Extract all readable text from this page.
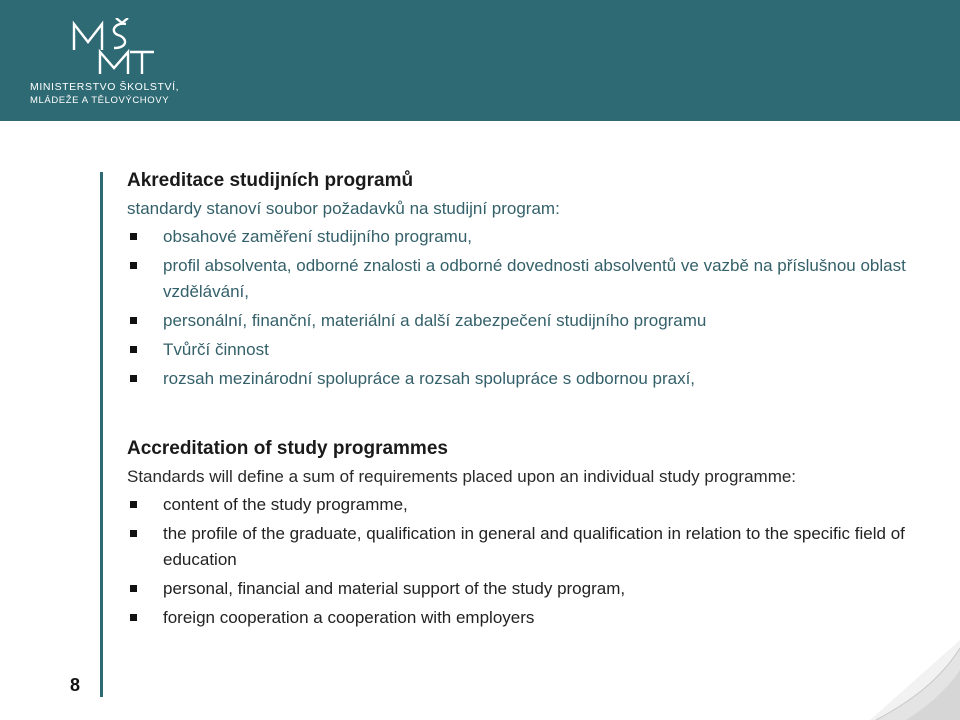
MINISTERSTVO ŠKOLSTVÍ,
MLÁDEŽE A TĚLOVÝCHOVY
Akreditace studijních programů
standardy stanoví soubor požadavků na studijní program:
obsahové zaměření studijního programu,
profil absolventa, odborné znalosti a odborné dovednosti absolventů ve vazbě na příslušnou oblast vzdělávání,
personální, finanční, materiální a další zabezpečení studijního programu
Tvůrčí činnost
rozsah mezinárodní spolupráce a rozsah spolupráce s odbornou praxí,
Accreditation of study programmes
Standards will define a sum of requirements placed upon an individual study programme:
content of the study programme,
the profile of the graduate, qualification in general and qualification in relation to the specific field of education
personal, financial and material support of the study program,
foreign cooperation a cooperation with employers
8
